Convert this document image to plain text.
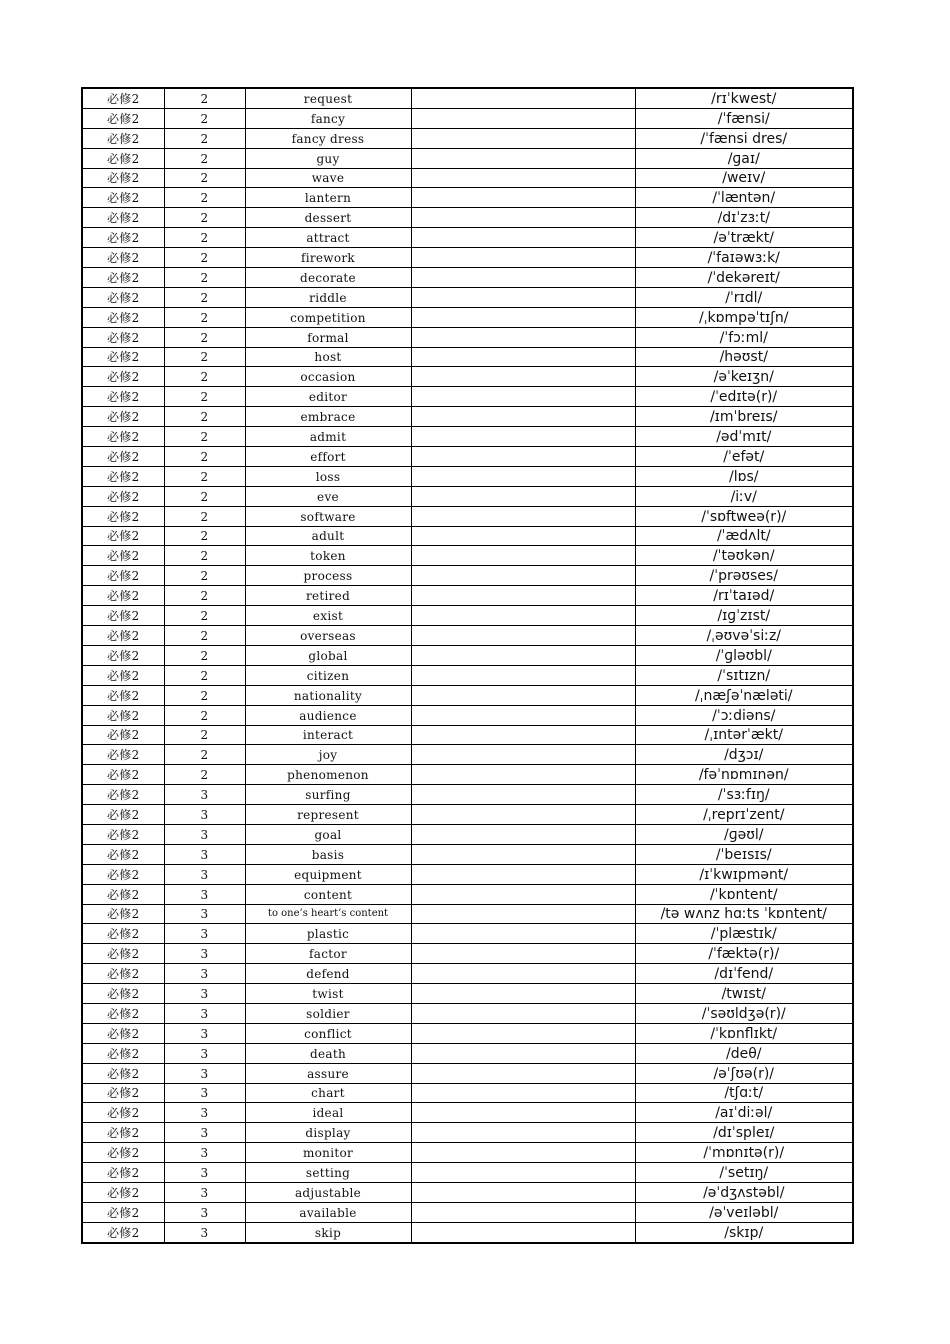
必修2	2	request		/rɪˈkwest/
必修2	2	fancy		/ˈfænsi/
必修2	2	fancy dress		/ˈfænsi dres/
必修2	2	guy		/ɡaɪ/
必修2	2	wave		/weɪv/
必修2	2	lantern		/ˈlæntən/
必修2	2	dessert		/dɪˈzɜːt/
必修2	2	attract		/əˈtrækt/
必修2	2	firework		/ˈfaɪəwɜːk/
必修2	2	decorate		/ˈdekəreɪt/
必修2	2	riddle		/ˈrɪdl/
必修2	2	competition		/ˌkɒmpəˈtɪʃn/
必修2	2	formal		/ˈfɔːml/
必修2	2	host		/həʊst/
必修2	2	occasion		/əˈkeɪʒn/
必修2	2	editor		/ˈedɪtə(r)/
必修2	2	embrace		/ɪmˈbreɪs/
必修2	2	admit		/ədˈmɪt/
必修2	2	effort		/ˈefət/
必修2	2	loss		/lɒs/
必修2	2	eve		/iːv/
必修2	2	software		/ˈsɒftweə(r)/
必修2	2	adult		/ˈædʌlt/
必修2	2	token		/ˈtəʊkən/
必修2	2	process		/ˈprəʊses/
必修2	2	retired		/rɪˈtaɪəd/
必修2	2	exist		/ɪɡˈzɪst/
必修2	2	overseas		/ˌəʊvəˈsiːz/
必修2	2	global		/ˈɡləʊbl/
必修2	2	citizen		/ˈsɪtɪzn/
必修2	2	nationality		/ˌnæʃəˈnæləti/
必修2	2	audience		/ˈɔːdiəns/
必修2	2	interact		/ˌɪntərˈækt/
必修2	2	joy		/dʒɔɪ/
必修2	2	phenomenon		/fəˈnɒmɪnən/
必修2	3	surfing		/ˈsɜːfɪŋ/
必修2	3	represent		/ˌreprɪˈzent/
必修2	3	goal		/ɡəʊl/
必修2	3	basis		/ˈbeɪsɪs/
必修2	3	equipment		/ɪˈkwɪpmənt/
必修2	3	content		/ˈkɒntent/
必修2	3	to one’s heart’s content		/tə wʌnz hɑːts ˈkɒntent/
必修2	3	plastic		/ˈplæstɪk/
必修2	3	factor		/ˈfæktə(r)/
必修2	3	defend		/dɪˈfend/
必修2	3	twist		/twɪst/
必修2	3	soldier		/ˈsəʊldʒə(r)/
必修2	3	conflict		/ˈkɒnflɪkt/
必修2	3	death		/deθ/
必修2	3	assure		/əˈʃʊə(r)/
必修2	3	chart		/tʃɑːt/
必修2	3	ideal		/aɪˈdiːəl/
必修2	3	display		/dɪˈspleɪ/
必修2	3	monitor		/ˈmɒnɪtə(r)/
必修2	3	setting		/ˈsetɪŋ/
必修2	3	adjustable		/əˈdʒʌstəbl/
必修2	3	available		/əˈveɪləbl/
必修2	3	skip		/skɪp/
